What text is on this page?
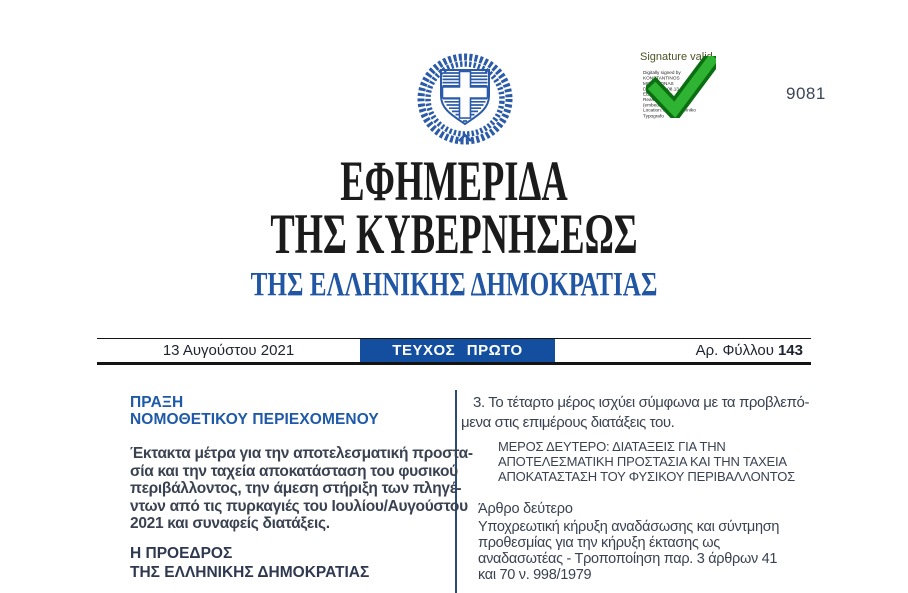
Signature valid
Digitally signed by
KONSTANTINOS
MOSCHONAS
Date: 2021.08.13 21:01:21
EEST
Reason: Signed PDF
(embedded)
Location: Athens, Ethniko
Typografo
9081
ΕΦΗΜΕΡΙΔΑ
ΤΗΣ ΚΥΒΕΡΝΗΣΕΩΣ
ΤΗΣ ΕΛΛΗΝΙΚΗΣ ΔΗΜΟΚΡΑΤΙΑΣ
13 Αυγούστου 2021	ΤΕΥΧΟΣ ΠΡΩΤΟ	Αρ. Φύλλου 143
ΠΡΑΞΗ
ΝΟΜΟΘΕΤΙΚΟΥ ΠΕΡΙΕΧΟΜΕΝΟΥ
Έκτακτα μέτρα για την αποτελεσματική προστα-
σία και την ταχεία αποκατάσταση του φυσικού
περιβάλλοντος, την άμεση στήριξη των πληγέ-
ντων από τις πυρκαγιές του Ιουλίου/Αυγούστου
2021 και συναφείς διατάξεις.
Η ΠΡΟΕΔΡΟΣ
ΤΗΣ ΕΛΛΗΝΙΚΗΣ ΔΗΜΟΚΡΑΤΙΑΣ
3. Το τέταρτο μέρος ισχύει σύμφωνα με τα προβλεπό-
μενα στις επιμέρους διατάξεις του.
ΜΕΡΟΣ ΔΕΥΤΕΡΟ: ΔΙΑΤΑΞΕΙΣ ΓΙΑ ΤΗΝ
ΑΠΟΤΕΛΕΣΜΑΤΙΚΗ ΠΡΟΣΤΑΣΙΑ ΚΑΙ ΤΗΝ ΤΑΧΕΙΑ
ΑΠΟΚΑΤΑΣΤΑΣΗ ΤΟΥ ΦΥΣΙΚΟΥ ΠΕΡΙΒΑΛΛΟΝΤΟΣ
Άρθρο δεύτερο
Υποχρεωτική κήρυξη αναδάσωσης και σύντμηση
προθεσμίας για την κήρυξη έκτασης ως
αναδασωτέας - Τροποποίηση παρ. 3 άρθρων 41
και 70 ν. 998/1979
